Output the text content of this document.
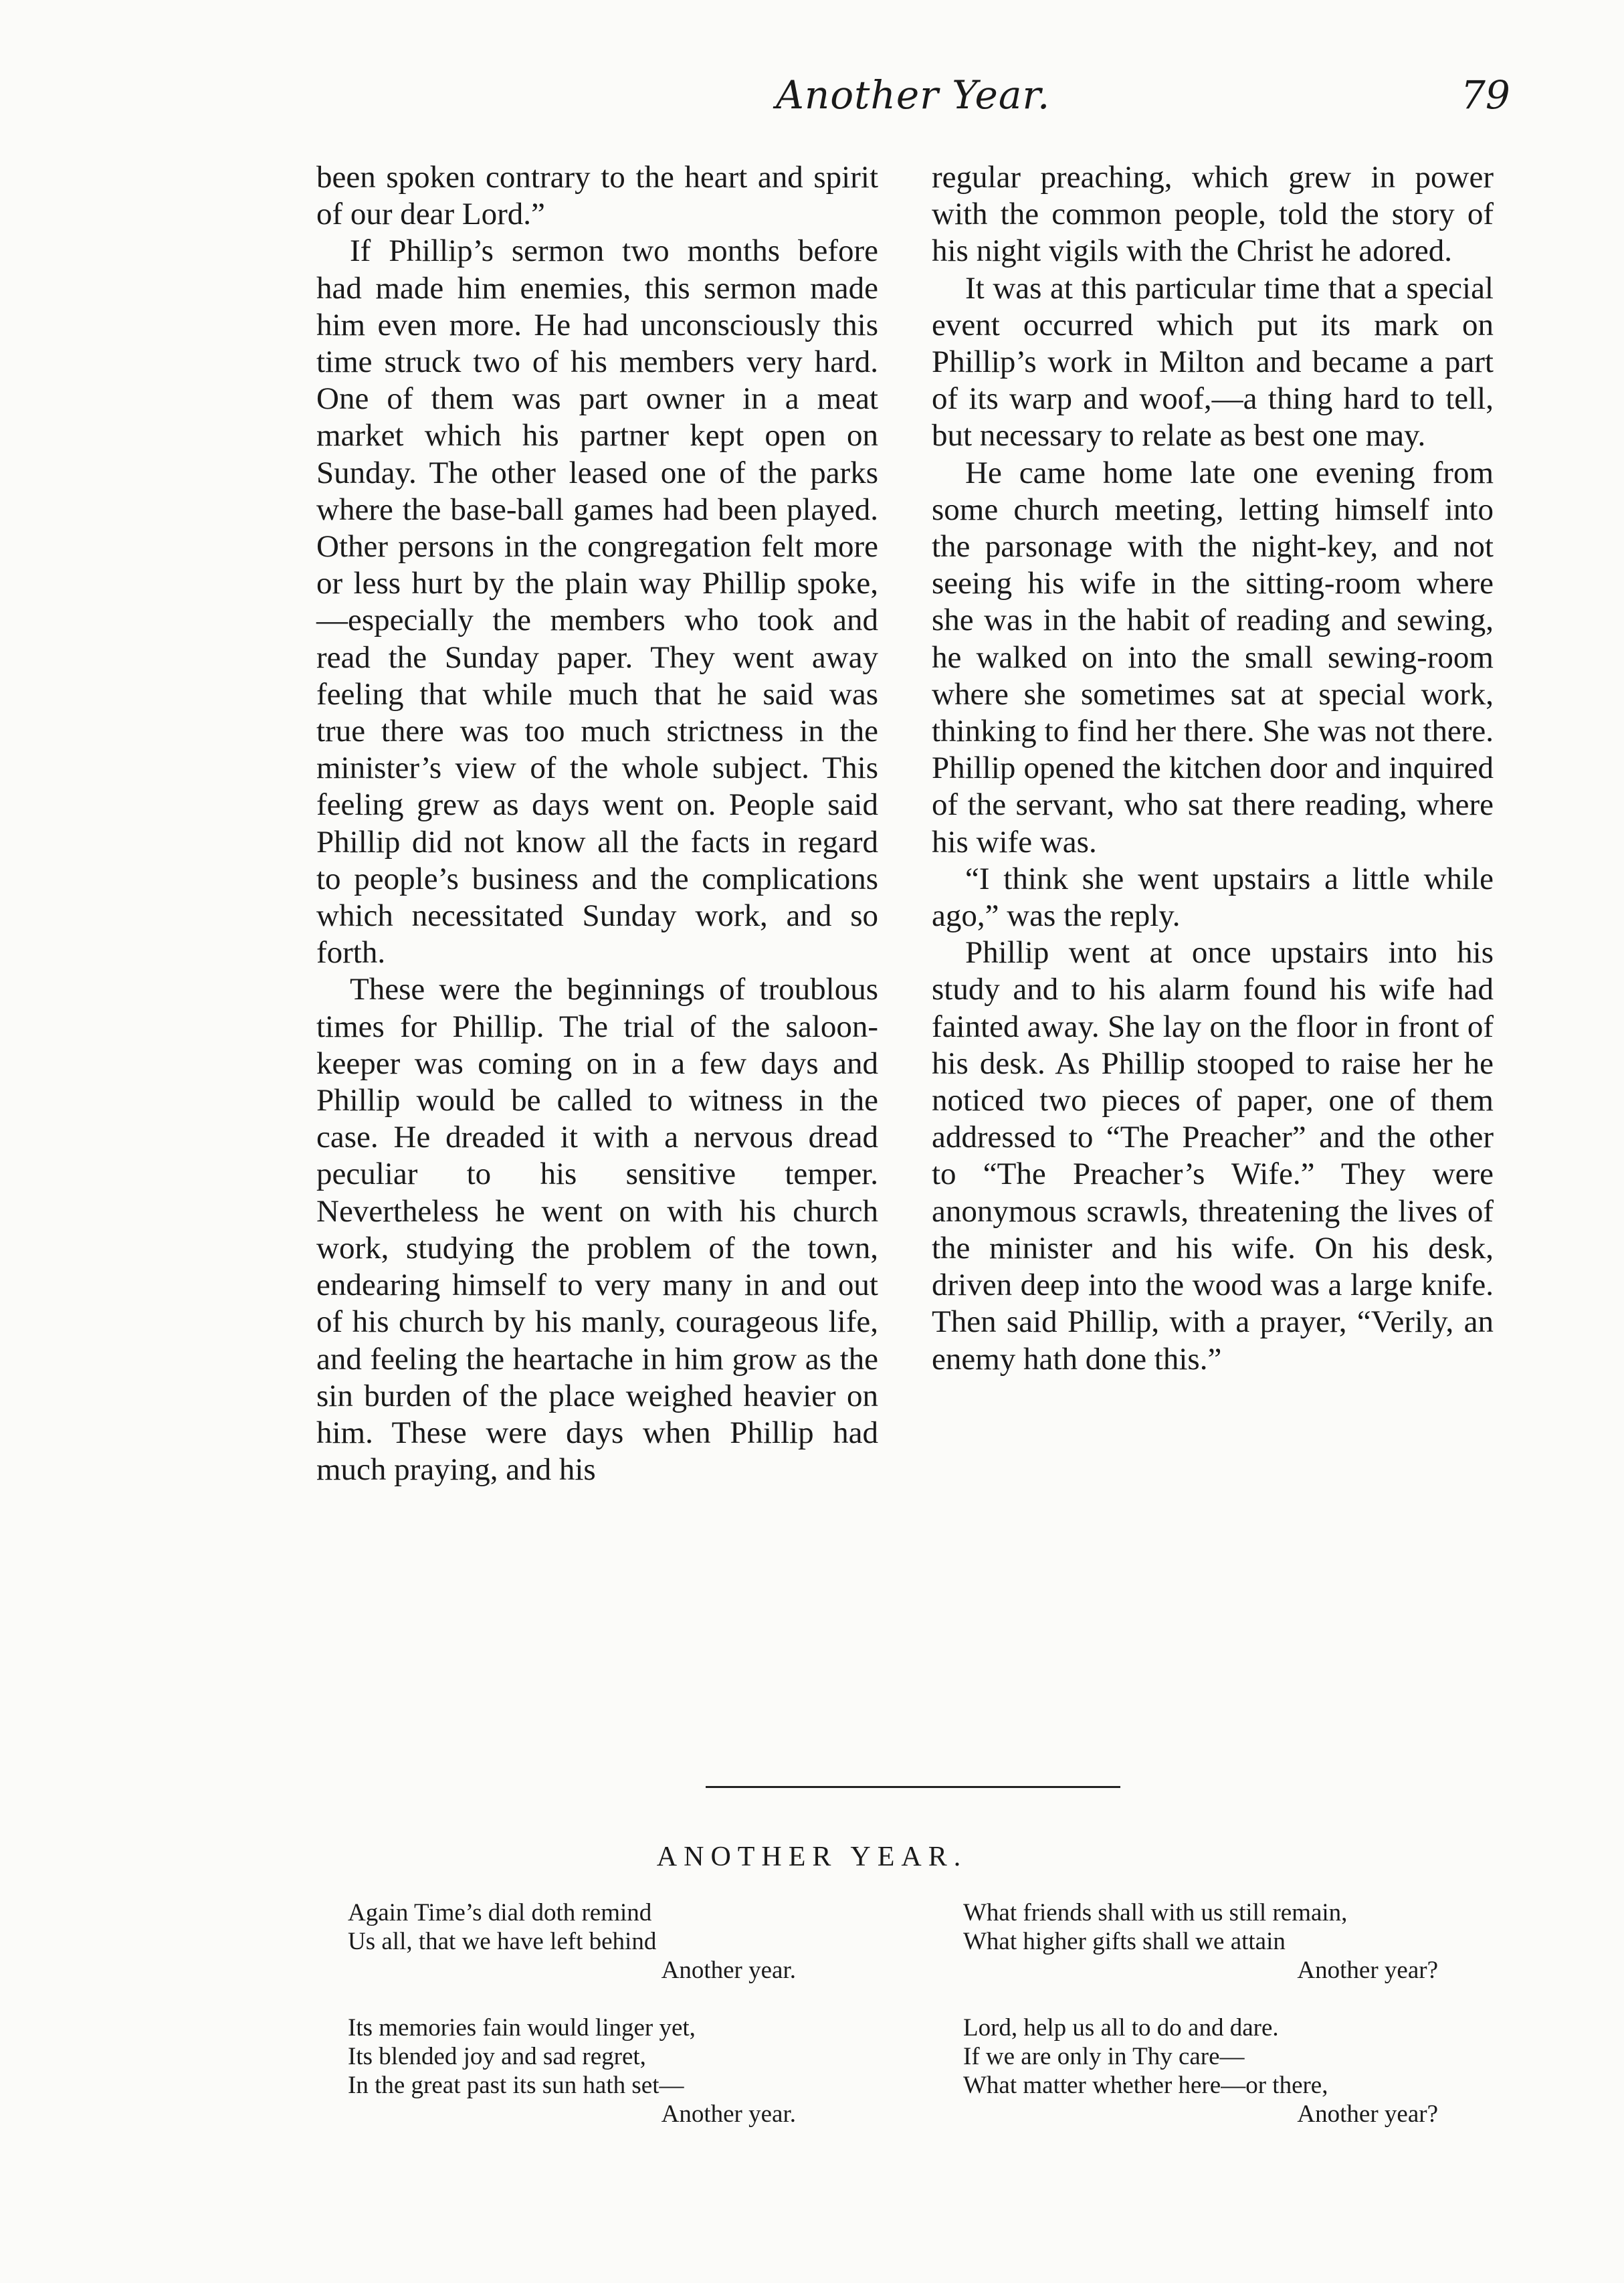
Another Year.	79

been spoken contrary to the heart and spirit of our dear Lord.”

If Phillip’s sermon two months before had made him enemies, this sermon made him even more. He had unconsciously this time struck two of his members very hard. One of them was part owner in a meat market which his partner kept open on Sunday. The other leased one of the parks where the base-ball games had been played. Other persons in the congregation felt more or less hurt by the plain way Phillip spoke,—especially the members who took and read the Sunday paper. They went away feeling that while much that he said was true there was too much strictness in the minister’s view of the whole subject. This feeling grew as days went on. People said Phillip did not know all the facts in regard to people’s business and the complications which necessitated Sunday work, and so forth.

These were the beginnings of troublous times for Phillip. The trial of the saloon-keeper was coming on in a few days and Phillip would be called to witness in the case. He dreaded it with a nervous dread peculiar to his sensitive temper. Nevertheless he went on with his church work, studying the problem of the town, endearing himself to very many in and out of his church by his manly, courageous life, and feeling the heartache in him grow as the sin burden of the place weighed heavier on him. These were days when Phillip had much praying, and his

regular preaching, which grew in power with the common people, told the story of his night vigils with the Christ he adored.

It was at this particular time that a special event occurred which put its mark on Phillip’s work in Milton and became a part of its warp and woof,—a thing hard to tell, but necessary to relate as best one may.

He came home late one evening from some church meeting, letting himself into the parsonage with the night-key, and not seeing his wife in the sitting-room where she was in the habit of reading and sewing, he walked on into the small sewing-room where she sometimes sat at special work, thinking to find her there. She was not there. Phillip opened the kitchen door and inquired of the servant, who sat there reading, where his wife was.

“I think she went upstairs a little while ago,” was the reply.

Phillip went at once upstairs into his study and to his alarm found his wife had fainted away. She lay on the floor in front of his desk. As Phillip stooped to raise her he noticed two pieces of paper, one of them addressed to “The Preacher” and the other to “The Preacher’s Wife.” They were anonymous scrawls, threatening the lives of the minister and his wife. On his desk, driven deep into the wood was a large knife. Then said Phillip, with a prayer, “Verily, an enemy hath done this.”

ANOTHER YEAR.
Again Time’s dial doth remind
Us all, that we have left behind
Another year.
Its memories fain would linger yet,
Its blended joy and sad regret,
In the great past its sun hath set—
Another year.
What friends shall with us still remain,
What higher gifts shall we attain
Another year?
Lord, help us all to do and dare.
If we are only in Thy care—
What matter whether here—or there,
Another year?
